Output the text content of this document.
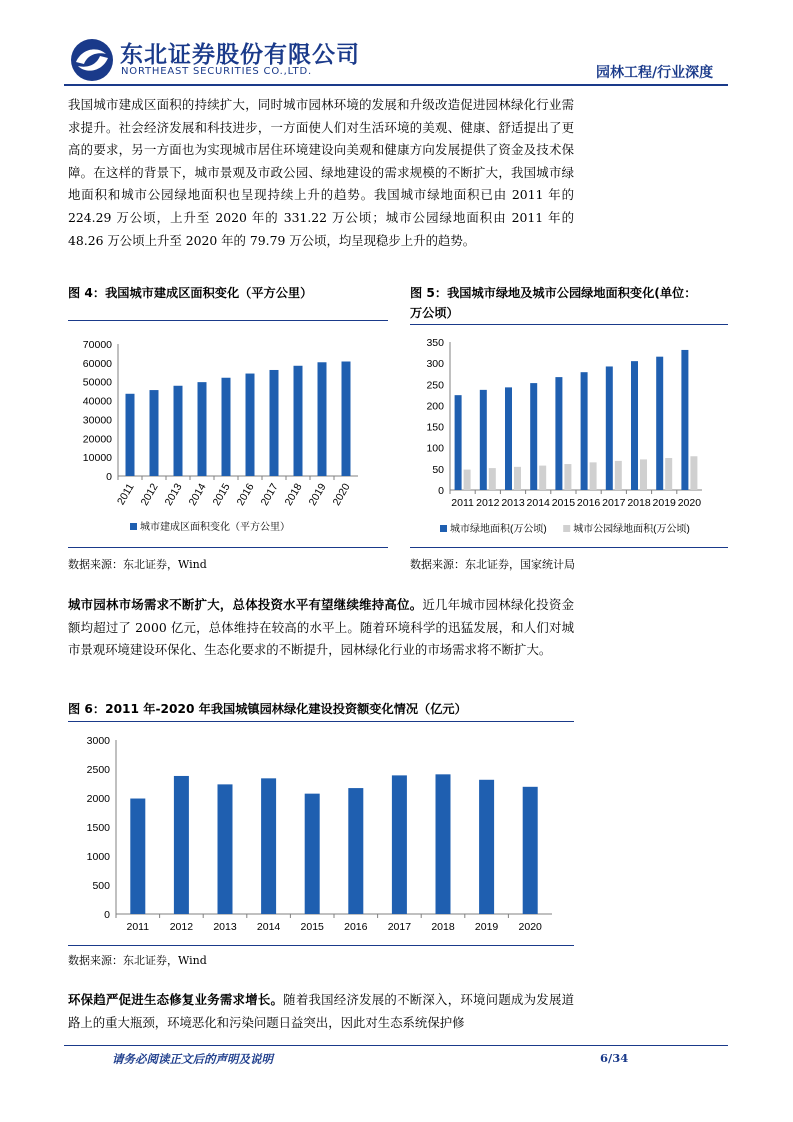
东北证券股份有限公司
NORTHEAST SECURITIES CO.,LTD.	园林工程/行业深度
我国城市建成区面积的持续扩大，同时城市园林环境的发展和升级改造促进园林绿化行业需求提升。社会经济发展和科技进步，一方面使人们对生活环境的美观、健康、舒适提出了更高的要求，另一方面也为实现城市居住环境建设向美观和健康方向发展提供了资金及技术保障。在这样的背景下，城市景观及市政公园、绿地建设的需求规模的不断扩大，我国城市绿地面积和城市公园绿地面积也呈现持续上升的趋势。我国城市绿地面积已由 2011 年的 224.29 万公顷，上升至 2020 年的 331.22 万公顷；城市公园绿地面积由 2011 年的 48.26 万公顷上升至 2020 年的 79.79 万公顷，均呈现稳步上升的趋势。
图 4：我国城市建成区面积变化（平方公里）
0
10000
20000
30000
40000
50000
60000
70000
2011 2012 2013 2014 2015 2016 2017 2018 2019 2020
城市建成区面积变化（平方公里）
数据来源：东北证券，Wind
图 5：我国城市绿地及城市公园绿地面积变化(单位：
万公顷）
0
50
100
150
200
250
300
350
2011 2012 2013 2014 2015 2016 2017 2018 2019 2020
城市绿地面积(万公顷)	城市公园绿地面积(万公顷)
数据来源：东北证券，国家统计局
城市园林市场需求不断扩大，总体投资水平有望继续维持高位。近几年城市园林绿化投资金额均超过了 2000 亿元，总体维持在较高的水平上。随着环境科学的迅猛发展，和人们对城市景观环境建设环保化、生态化要求的不断提升，园林绿化行业的市场需求将不断扩大。
图 6：2011 年-2020 年我国城镇园林绿化建设投资额变化情况（亿元）
0
500
1000
1500
2000
2500
3000
2011 2012 2013 2014 2015 2016 2017 2018 2019 2020
数据来源：东北证券，Wind
环保趋严促进生态修复业务需求增长。随着我国经济发展的不断深入，环境问题成为发展道路上的重大瓶颈，环境恶化和污染问题日益突出，因此对生态系统保护修
请务必阅读正文后的声明及说明	6/34
